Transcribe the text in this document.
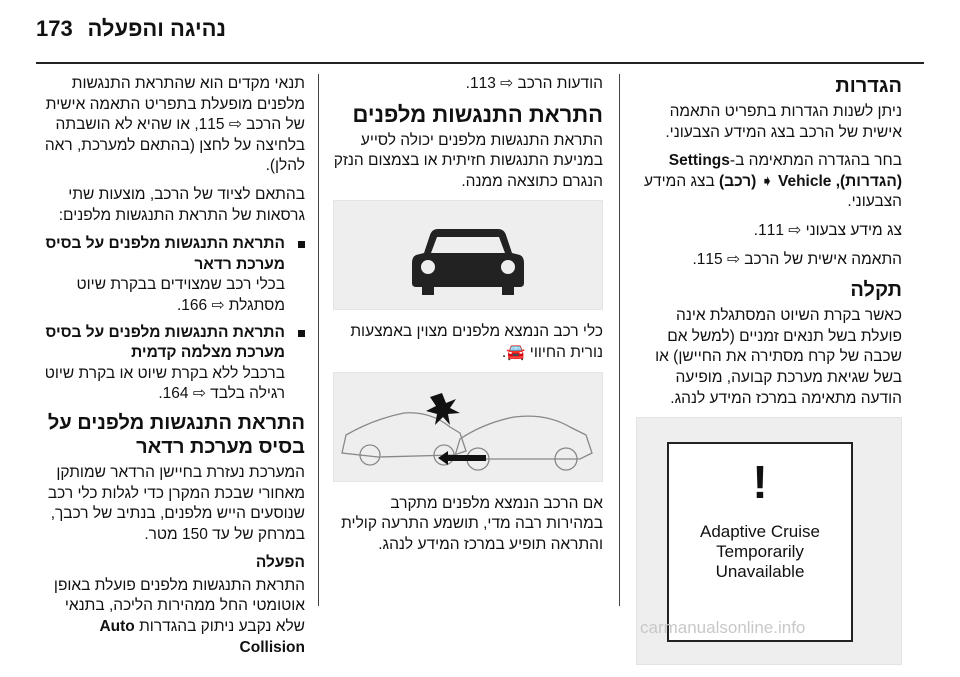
173 נהיגה והפעלה
הגדרות

ניתן לשנות הגדרות בתפריט התאמה אישית של הרכב בצג המידע הצבעוני.

בחר בהגדרה המתאימה ב-Settings (הגדרות), Vehicle ➧ (רכב) בצג המידע הצבעוני.

צג מידע צבעוני ⇨ 111.

התאמה אישית של הרכב ⇨ 115.

תקלה

כאשר בקרת השיוט המסתגלת אינה פועלת בשל תנאים זמניים (למשל אם שכבה של קרח מסתירה את החיישן) או בשל שגיאת מערכת קבועה, מופיעה הודעה מתאימה במרכז המידע לנהג.

!
Adaptive Cruise
Temporarily
Unavailable

הודעות הרכב ⇨ 113.

התראת התנגשות מלפנים

התראת התנגשות מלפנים יכולה לסייע במניעת התנגשות חזיתית או בצמצום הנזק הנגרם כתוצאה ממנה.

כלי רכב הנמצא מלפנים מצוין באמצעות נורית החיווי 🚘.

אם הרכב הנמצא מלפנים מתקרב במהירות רבה מדי, תושמע התרעה קולית והתראה תופיע במרכז המידע לנהג.

תנאי מקדים הוא שהתראת התנגשות מלפנים מופעלת בתפריט התאמה אישית של הרכב ⇨ 115, או שהיא לא הושבתה בלחיצה על לחצן (בהתאם למערכת, ראה להלן).

בהתאם לציוד של הרכב, מוצעות שתי גרסאות של התראת התנגשות מלפנים:

התראת התנגשות מלפנים על בסיס מערכת רדאר
בכלי רכב שמצוידים בבקרת שיוט מסתגלת ⇨ 166.
התראת התנגשות מלפנים על בסיס מערכת מצלמה קדמית
ברכבל ללא בקרת שיוט או בקרת שיוט רגילה בלבד ⇨ 164.
התראת התנגשות מלפנים על בסיס מערכת רדאר

המערכת נעזרת בחיישן הרדאר שמותקן מאחורי שבכת המקרן כדי לגלות כלי רכב שנוסעים הייש מלפנים, בנתיב של רכבך, במרחק של עד 150 מטר.

הפעלה

התראת התנגשות מלפנים פועלת באופן אוטומטי החל ממהירות הליכה, בתנאי שלא נקבע ניתוק בהגדרות Auto Collision

carmanualsonline.info
